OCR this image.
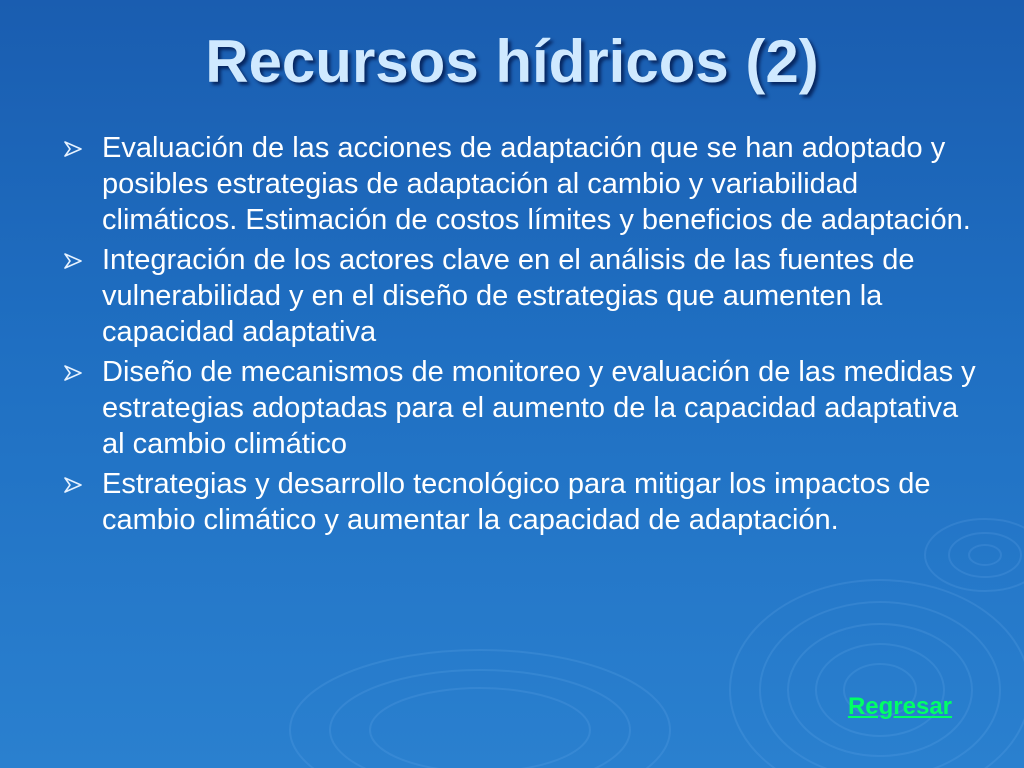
Recursos hídricos (2)
Evaluación de las acciones de adaptación que se han adoptado y posibles estrategias de adaptación al cambio y variabilidad climáticos. Estimación de costos límites y beneficios de adaptación.
Integración de los actores clave en el análisis de las fuentes de vulnerabilidad y en el diseño de estrategias que aumenten la capacidad adaptativa
Diseño de mecanismos de monitoreo y evaluación de las medidas y estrategias adoptadas para el aumento de la capacidad adaptativa al cambio climático
Estrategias y desarrollo tecnológico para mitigar los impactos de cambio climático y aumentar la capacidad de adaptación.
Regresar
